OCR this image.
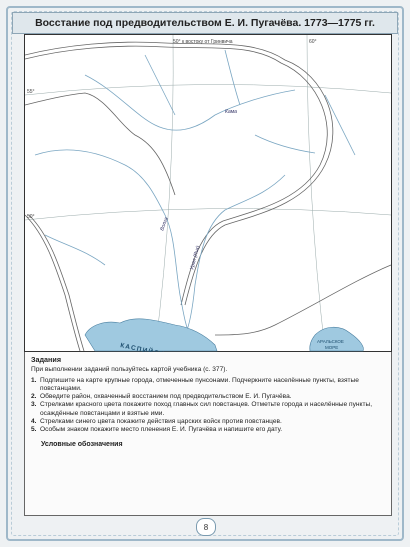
Восстание под предводительством Е. И. Пугачёва. 1773—1775 гг.
50° к востоку от Гринвича	60°
55°
50°
Кама
Волга
Урал (Яик)
АРАЛЬСКОЕ
МОРЕ
Задания
При выполнении заданий пользуйтесь картой учебника (с. 377).
1. Подпишите на карте крупные города, отмеченные пунсонами. Подчеркните населённые пункты, взятые повстанцами.
2. Обведите район, охваченный восстанием под предводительством Е. И. Пугачёва.
3. Стрелками красного цвета покажите поход главных сил повстанцев. Отметьте города и населённые пункты, осаждённые повстанцами и взятые ими.
4. Стрелками синего цвета покажите действия царских войск против повстанцев.
5. Особым знаком покажите место пленения Е. И. Пугачёва и напишите его дату.
Условные обозначения
8
